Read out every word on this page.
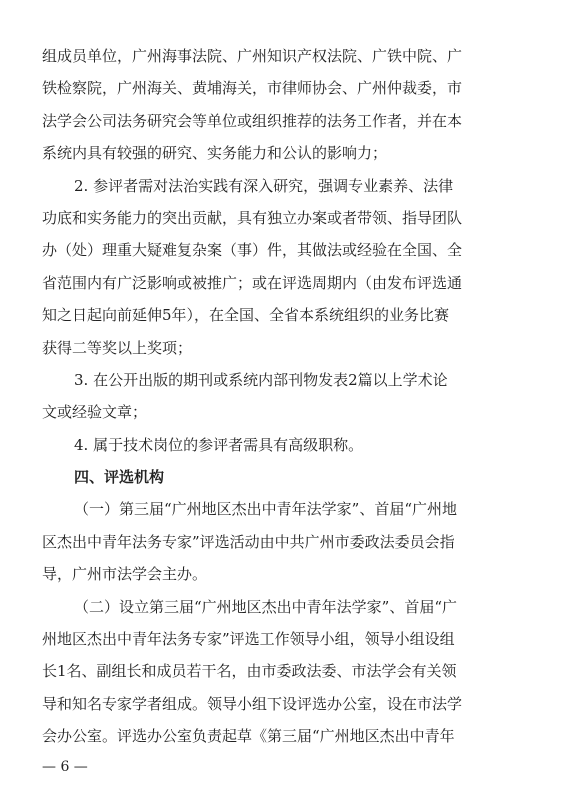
组成员单位，广州海事法院、广州知识产权法院、广铁中院、广
铁检察院，广州海关、黄埔海关，市律师协会、广州仲裁委，市
法学会公司法务研究会等单位或组织推荐的法务工作者，并在本
系统内具有较强的研究、实务能力和公认的影响力；
2. 参评者需对法治实践有深入研究，强调专业素养、法律
功底和实务能力的突出贡献，具有独立办案或者带领、指导团队
办（处）理重大疑难复杂案（事）件，其做法或经验在全国、全
省范围内有广泛影响或被推广；或在评选周期内（由发布评选通
知之日起向前延伸5年），在全国、全省本系统组织的业务比赛
获得二等奖以上奖项；
3. 在公开出版的期刊或系统内部刊物发表2篇以上学术论
文或经验文章；
4. 属于技术岗位的参评者需具有高级职称。
四、评选机构
（一）第三届“广州地区杰出中青年法学家”、首届“广州地
区杰出中青年法务专家”评选活动由中共广州市委政法委员会指
导，广州市法学会主办。
（二）设立第三届“广州地区杰出中青年法学家”、首届“广
州地区杰出中青年法务专家”评选工作领导小组，领导小组设组
长1名、副组长和成员若干名，由市委政法委、市法学会有关领
导和知名专家学者组成。领导小组下设评选办公室，设在市法学
会办公室。评选办公室负责起草《第三届“广州地区杰出中青年
— 6 —
